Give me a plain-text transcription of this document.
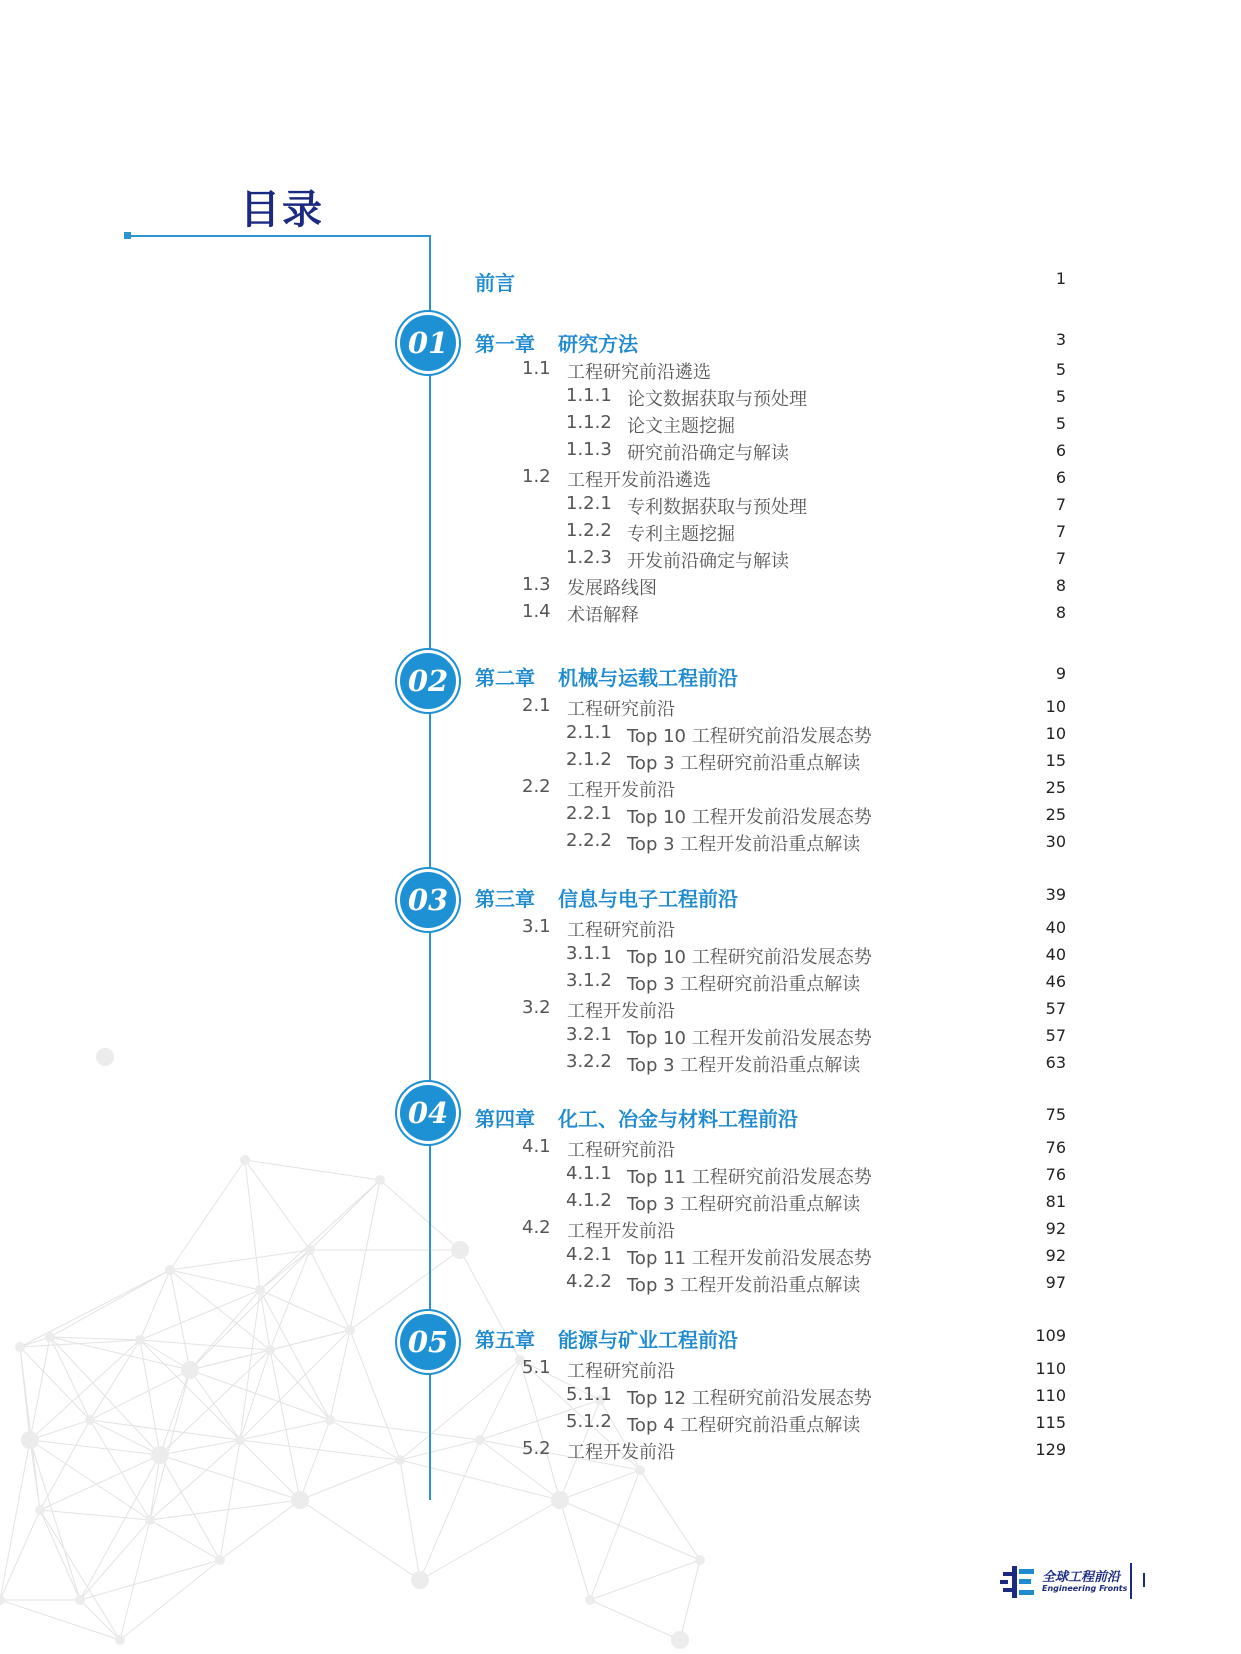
目录
前言	1
01
02
03
04
05
第一章 研究方法	3
第二章 机械与运载工程前沿	9
第三章 信息与电子工程前沿	39
第四章 化工、冶金与材料工程前沿	75
第五章 能源与矿业工程前沿	109
1.1 工程研究前沿遴选	5
1.1.1 论文数据获取与预处理	5
1.1.2 论文主题挖掘	5
1.1.3 研究前沿确定与解读	6
1.2 工程开发前沿遴选	6
1.2.1 专利数据获取与预处理	7
1.2.2 专利主题挖掘	7
1.2.3 开发前沿确定与解读	7
1.3 发展路线图	8
1.4 术语解释	8
2.1 工程研究前沿	10
2.1.1 Top 10 工程研究前沿发展态势	10
2.1.2 Top 3 工程研究前沿重点解读	15
2.2 工程开发前沿	25
2.2.1 Top 10 工程开发前沿发展态势	25
2.2.2 Top 3 工程开发前沿重点解读	30
3.1 工程研究前沿	40
3.1.1 Top 10 工程研究前沿发展态势	40
3.1.2 Top 3 工程研究前沿重点解读	46
3.2 工程开发前沿	57
3.2.1 Top 10 工程开发前沿发展态势	57
3.2.2 Top 3 工程开发前沿重点解读	63
4.1 工程研究前沿	76
4.1.1 Top 11 工程研究前沿发展态势	76
4.1.2 Top 3 工程研究前沿重点解读	81
4.2 工程开发前沿	92
4.2.1 Top 11 工程开发前沿发展态势	92
4.2.2 Top 3 工程开发前沿重点解读	97
5.1 工程研究前沿	110
5.1.1 Top 12 工程研究前沿发展态势	110
5.1.2 Top 4 工程研究前沿重点解读	115
5.2 工程开发前沿	129
全球工程前沿
Engineering Fronts
